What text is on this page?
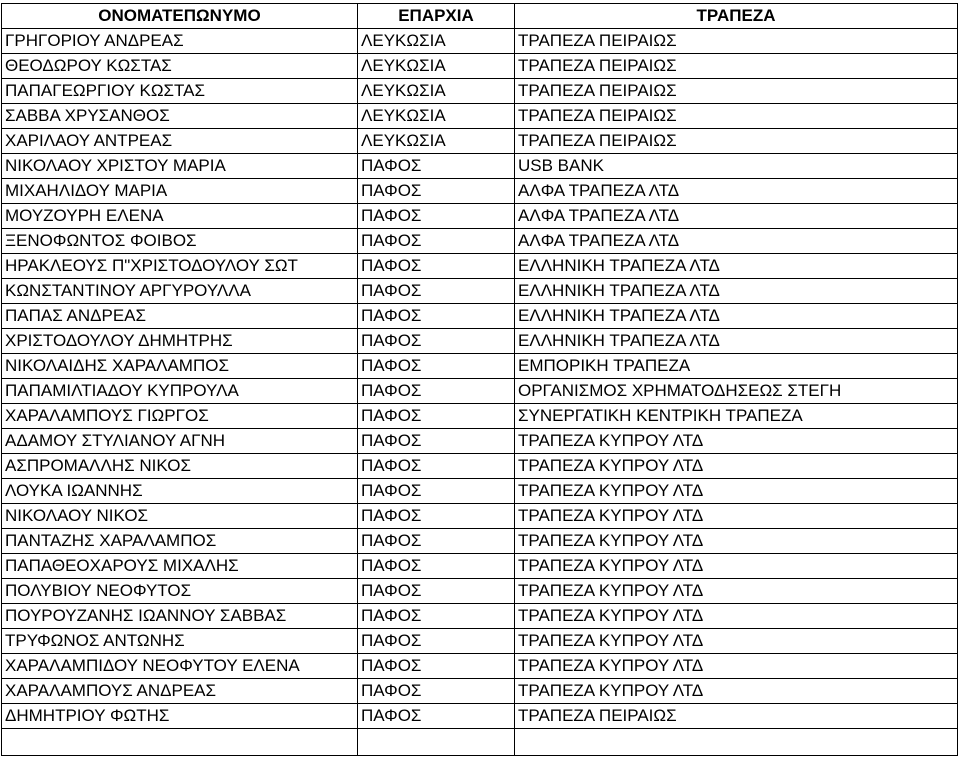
ΟΝΟΜΑΤΕΠΩΝΥΜΟ	ΕΠΑΡΧΙΑ	ΤΡΑΠΕΖΑ
ΓΡΗΓΟΡΙΟΥ ΑΝΔΡΕΑΣ	ΛΕΥΚΩΣΙΑ	ΤΡΑΠΕΖΑ ΠΕΙΡΑΙΩΣ
ΘΕΟΔΩΡΟΥ ΚΩΣΤΑΣ	ΛΕΥΚΩΣΙΑ	ΤΡΑΠΕΖΑ ΠΕΙΡΑΙΩΣ
ΠΑΠΑΓΕΩΡΓΙΟΥ ΚΩΣΤΑΣ	ΛΕΥΚΩΣΙΑ	ΤΡΑΠΕΖΑ ΠΕΙΡΑΙΩΣ
ΣΑΒΒΑ ΧΡΥΣΑΝΘΟΣ	ΛΕΥΚΩΣΙΑ	ΤΡΑΠΕΖΑ ΠΕΙΡΑΙΩΣ
ΧΑΡΙΛΑΟΥ ΑΝΤΡΕΑΣ	ΛΕΥΚΩΣΙΑ	ΤΡΑΠΕΖΑ ΠΕΙΡΑΙΩΣ
ΝΙΚΟΛΑΟΥ ΧΡΙΣΤΟΥ ΜΑΡΙΑ	ΠΑΦΟΣ	USB BANK
ΜΙΧΑΗΛΙΔΟΥ ΜΑΡΙΑ	ΠΑΦΟΣ	ΑΛΦΑ ΤΡΑΠΕΖΑ ΛΤΔ
ΜΟΥΖΟΥΡΗ ΕΛΕΝΑ	ΠΑΦΟΣ	ΑΛΦΑ ΤΡΑΠΕΖΑ ΛΤΔ
ΞΕΝΟΦΩΝΤΟΣ ΦΟΙΒΟΣ	ΠΑΦΟΣ	ΑΛΦΑ ΤΡΑΠΕΖΑ ΛΤΔ
ΗΡΑΚΛΕΟΥΣ Π"ΧΡΙΣΤΟΔΟΥΛΟΥ ΣΩΤ	ΠΑΦΟΣ	ΕΛΛΗΝΙΚΗ ΤΡΑΠΕΖΑ ΛΤΔ
ΚΩΝΣΤΑΝΤΙΝΟΥ ΑΡΓΥΡΟΥΛΛΑ	ΠΑΦΟΣ	ΕΛΛΗΝΙΚΗ ΤΡΑΠΕΖΑ ΛΤΔ
ΠΑΠΑΣ ΑΝΔΡΕΑΣ	ΠΑΦΟΣ	ΕΛΛΗΝΙΚΗ ΤΡΑΠΕΖΑ ΛΤΔ
ΧΡΙΣΤΟΔΟΥΛΟΥ ΔΗΜΗΤΡΗΣ	ΠΑΦΟΣ	ΕΛΛΗΝΙΚΗ ΤΡΑΠΕΖΑ ΛΤΔ
ΝΙΚΟΛΑΙΔΗΣ ΧΑΡΑΛΑΜΠΟΣ	ΠΑΦΟΣ	ΕΜΠΟΡΙΚΗ ΤΡΑΠΕΖΑ
ΠΑΠΑΜΙΛΤΙΑΔΟΥ ΚΥΠΡΟΥΛΑ	ΠΑΦΟΣ	ΟΡΓΑΝΙΣΜΟΣ ΧΡΗΜΑΤΟΔΗΣΕΩΣ ΣΤΕΓΗ
ΧΑΡΑΛΑΜΠΟΥΣ ΓΙΩΡΓΟΣ	ΠΑΦΟΣ	ΣΥΝΕΡΓΑΤΙΚΗ ΚΕΝΤΡΙΚΗ ΤΡΑΠΕΖΑ
ΑΔΑΜΟΥ ΣΤΥΛΙΑΝΟΥ ΑΓΝΗ	ΠΑΦΟΣ	ΤΡΑΠΕΖΑ ΚΥΠΡΟΥ ΛΤΔ
ΑΣΠΡΟΜΑΛΛΗΣ ΝΙΚΟΣ	ΠΑΦΟΣ	ΤΡΑΠΕΖΑ ΚΥΠΡΟΥ ΛΤΔ
ΛΟΥΚΑ ΙΩΑΝΝΗΣ	ΠΑΦΟΣ	ΤΡΑΠΕΖΑ ΚΥΠΡΟΥ ΛΤΔ
ΝΙΚΟΛΑΟΥ ΝΙΚΟΣ	ΠΑΦΟΣ	ΤΡΑΠΕΖΑ ΚΥΠΡΟΥ ΛΤΔ
ΠΑΝΤΑΖΗΣ ΧΑΡΑΛΑΜΠΟΣ	ΠΑΦΟΣ	ΤΡΑΠΕΖΑ ΚΥΠΡΟΥ ΛΤΔ
ΠΑΠΑΘΕΟΧΑΡΟΥΣ ΜΙΧΑΛΗΣ	ΠΑΦΟΣ	ΤΡΑΠΕΖΑ ΚΥΠΡΟΥ ΛΤΔ
ΠΟΛΥΒΙΟΥ ΝΕΟΦΥΤΟΣ	ΠΑΦΟΣ	ΤΡΑΠΕΖΑ ΚΥΠΡΟΥ ΛΤΔ
ΠΟΥΡΟΥΖΑΝΗΣ ΙΩΑΝΝΟΥ ΣΑΒΒΑΣ	ΠΑΦΟΣ	ΤΡΑΠΕΖΑ ΚΥΠΡΟΥ ΛΤΔ
ΤΡΥΦΩΝΟΣ ΑΝΤΩΝΗΣ	ΠΑΦΟΣ	ΤΡΑΠΕΖΑ ΚΥΠΡΟΥ ΛΤΔ
ΧΑΡΑΛΑΜΠΙΔΟΥ ΝΕΟΦΥΤΟΥ ΕΛΕΝΑ	ΠΑΦΟΣ	ΤΡΑΠΕΖΑ ΚΥΠΡΟΥ ΛΤΔ
ΧΑΡΑΛΑΜΠΟΥΣ ΑΝΔΡΕΑΣ	ΠΑΦΟΣ	ΤΡΑΠΕΖΑ ΚΥΠΡΟΥ ΛΤΔ
ΔΗΜΗΤΡΙΟΥ ΦΩΤΗΣ	ΠΑΦΟΣ	ΤΡΑΠΕΖΑ ΠΕΙΡΑΙΩΣ
